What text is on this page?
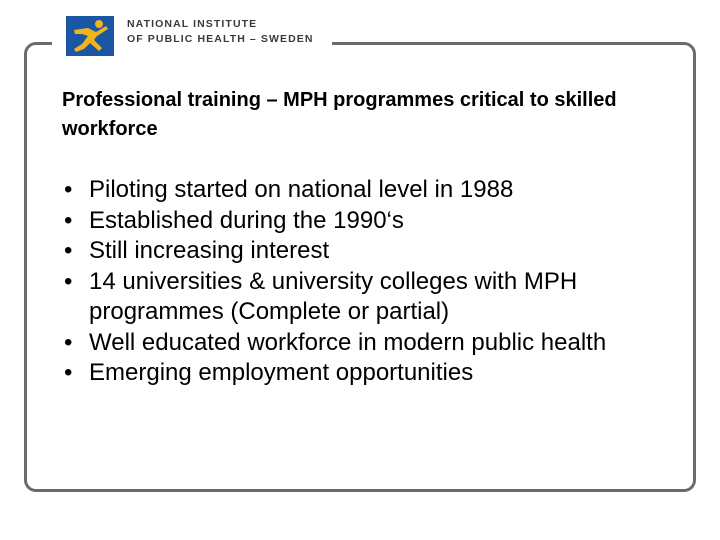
NATIONAL INSTITUTE
OF PUBLIC HEALTH – SWEDEN
Professional training – MPH programmes critical to skilled workforce
• Piloting started on national level in 1988
• Established during the 1990‘s
• Still increasing interest
• 14 universities & university colleges with MPH programmes (Complete or partial)
• Well educated workforce in modern public health
• Emerging employment opportunities
